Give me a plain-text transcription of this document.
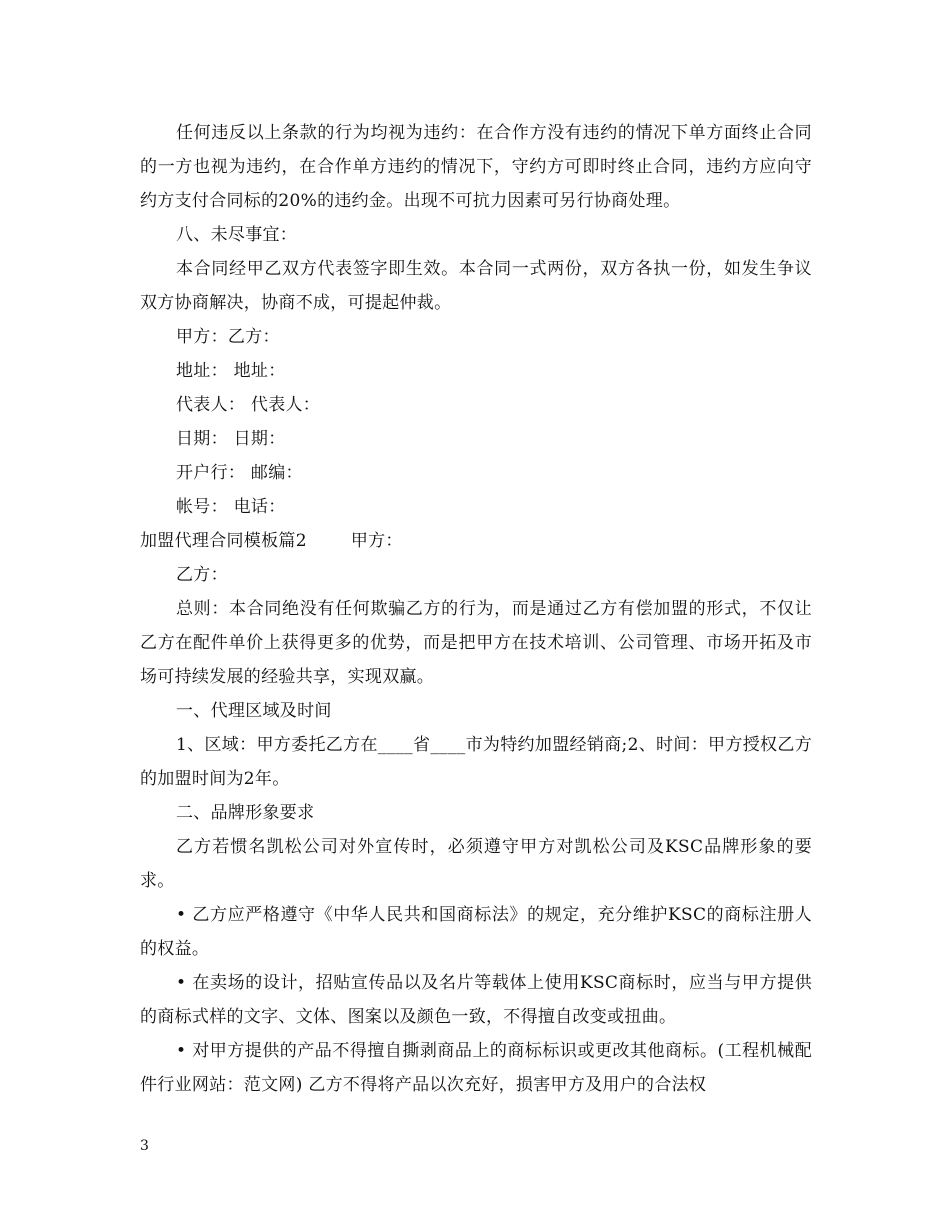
任何违反以上条款的行为均视为违约：在合作方没有违约的情况下单方面终止合同的一方也视为违约，在合作单方违约的情况下，守约方可即时终止合同，违约方应向守约方支付合同标的20%的违约金。出现不可抗力因素可另行协商处理。

八、未尽事宜：

本合同经甲乙双方代表签字即生效。本合同一式两份，双方各执一份，如发生争议双方协商解决，协商不成，可提起仲裁。

甲方：乙方：

地址： 地址：

代表人： 代表人：

日期： 日期：

开户行： 邮编：

帐号： 电话：

加盟代理合同模板篇2	甲方：

乙方：

总则：本合同绝没有任何欺骗乙方的行为，而是通过乙方有偿加盟的形式，不仅让乙方在配件单价上获得更多的优势，而是把甲方在技术培训、公司管理、市场开拓及市场可持续发展的经验共享，实现双赢。

一、代理区域及时间

1、区域：甲方委托乙方在____省____市为特约加盟经销商;2、时间：甲方授权乙方的加盟时间为2年。

二、品牌形象要求

乙方若惯名凯松公司对外宣传时，必须遵守甲方对凯松公司及KSC品牌形象的要求。

• 乙方应严格遵守《中华人民共和国商标法》的规定，充分维护KSC的商标注册人的权益。

• 在卖场的设计，招贴宣传品以及名片等载体上使用KSC商标时，应当与甲方提供的商标式样的文字、文体、图案以及颜色一致，不得擅自改变或扭曲。

• 对甲方提供的产品不得擅自撕剥商品上的商标标识或更改其他商标。(工程机械配件行业网站：范文网) 乙方不得将产品以次充好，损害甲方及用户的合法权

3
